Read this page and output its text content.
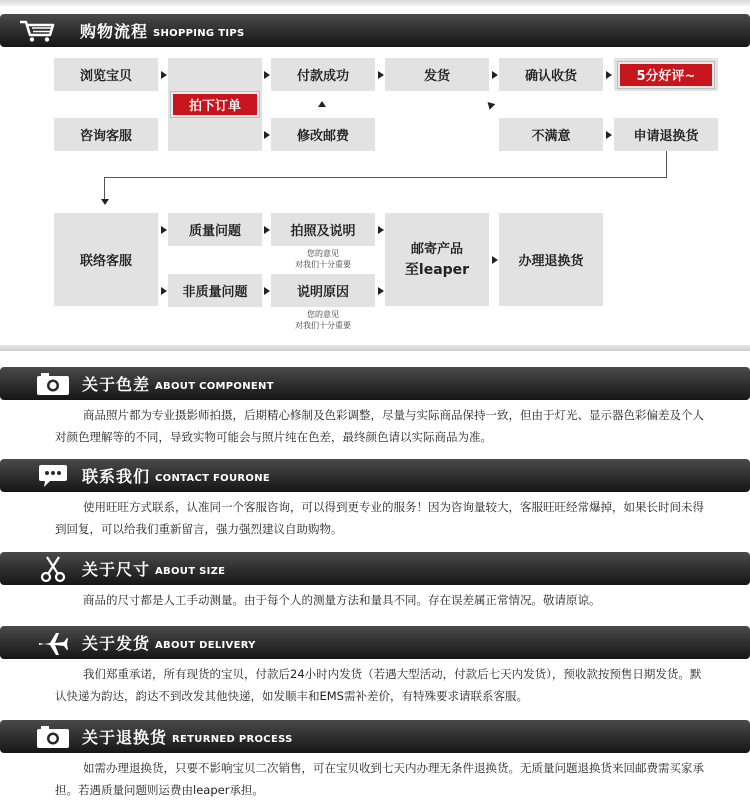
购物流程 SHOPPING TIPS
浏览宝贝
拍下订单
付款成功	发货	确认收货	5分好评~
咨询客服	修改邮费	不满意	申请退换货
联络客服
质量问题	拍照及说明
您的意见
对我们十分重要
非质量问题	说明原因
您的意见
对我们十分重要
邮寄产品
至leaper	办理退换货
关于色差 ABOUT COMPONENT
商品照片都为专业摄影师拍摄，后期精心修制及色彩调整，尽量与实际商品保持一致，但由于灯光、显示器色彩偏差及个人对颜色理解等的不同，导致实物可能会与照片纯在色差，最终颜色请以实际商品为准。
联系我们 CONTACT FOURONE
使用旺旺方式联系，认准同一个客服咨询，可以得到更专业的服务！因为咨询量较大，客服旺旺经常爆掉，如果长时间未得到回复，可以给我们重新留言，强力强烈建议自助购物。
关于尺寸 ABOUT SIZE
商品的尺寸都是人工手动测量。由于每个人的测量方法和量具不同。存在误差属正常情况。敬请原谅。
关于发货 ABOUT DELIVERY
我们郑重承诺，所有现货的宝贝，付款后24小时内发货（若遇大型活动，付款后七天内发货），预收款按预售日期发货。默认快递为韵达，韵达不到改发其他快递，如发顺丰和EMS需补差价，有特殊要求请联系客服。
关于退换货 RETURNED PROCESS
如需办理退换货，只要不影响宝贝二次销售，可在宝贝收到七天内办理无条件退换货。无质量问题退换货来回邮费需买家承担。若遇质量问题则运费由leaper承担。
